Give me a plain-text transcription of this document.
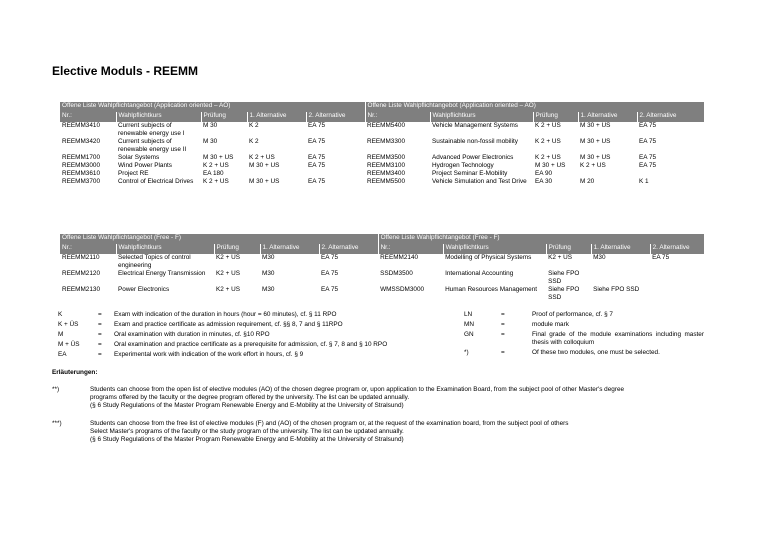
Elective Moduls - REEMM
Offene Liste Wahlpflichtangebot (Application oriented – AO)					Offene Liste Wahlpflichtangebot (Application oriented – AO)				
Nr.:	Wahlpflichtkurs	Prüfung	1. Alternative	2. Alternative	Nr.:	Wahlpflichtkurs	Prüfung	1. Alternative	2. Alternative
REEMM3410	Current subjects of renewable energy use I	M 30	K 2	EA 75	REEMM5400	Vehicle Management Systems	K 2 + US	M 30 + US	EA 75
REEMM3420	Current subjects of renewable energy use II	M 30	K 2	EA 75	REEMM3300	Sustainable non-fossil mobility	K 2 + US	M 30 + US	EA 75
REEMM1700	Solar Systems	M 30 + US	K 2 + US	EA 75	REEMM3500	Advanced Power Electronics	K 2 + US	M 30 + US	EA 75
REEMM3000	Wind Power Plants	K 2 + US	M 30 + US	EA 75	REEMM3100	Hydrogen Technology	M 30 + US	K 2 + US	EA 75
REEMM3610	Project RE	EA 180			REEMM3400	Project Seminar E-Mobility	EA 90		
REEMM3700	Control of Electrical Drives	K 2 + US	M 30 + US	EA 75	REEMM5500	Vehicle Simulation and Test Drive	EA 30	M 20	K 1
Offene Liste Wahlpflichtangebot (Free - F)					Offene Liste Wahlpflichtangebot (Free - F)				
Nr.:	Wahlpflichtkurs	Prüfung	1. Alternative	2. Alternative	Nr.:	Wahlpflichtkurs	Prüfung	1. Alternative	2. Alternative
REEMM2110	Selected Topics of control engineering	K2 + US	M30	EA 75	REEMM2140	Modelling of Physical Systems	K2 + US	M30	EA 75
REEMM2120	Electrical Energy Transmission	K2 + US	M30	EA 75	SSDM3500	International Accounting	Siehe FPO SSD		
REEMM2130	Power Electronics	K2 + US	M30	EA 75	WMSSDM3000	Human Resources Management	Siehe FPO SSD	Siehe FPO SSD	
K	=	Exam with indication of the duration in hours (hour = 60 minutes), cf. § 11 RPO
K + ÜS	=	Exam and practice certificate as admission requirement, cf. §§ 8, 7 and § 11RPO
M	=	Oral examination with duration in minutes, cf. §10 RPO
M + ÜS	=	Oral examination and practice certificate as a prerequisite for admission, cf. § 7, 8 and § 10 RPO
EA	=	Experimental work with indication of the work effort in hours, cf. § 9
LN	=	Proof of performance, cf. § 7
MN	=	module mark
GN	=	Final grade of the module examinations including master thesis with colloquium
*)	=	Of these two modules, one must be selected.
Erläuterungen:
**)	Students can choose from the open list of elective modules (AO) of the chosen degree program or, upon application to the Examination Board, from the subject pool of other Master's degree
programs offered by the faculty or the degree program offered by the university. The list can be updated annually.
(§ 6 Study Regulations of the Master Program Renewable Energy and E-Mobility at the University of Stralsund)
***)	Students can choose from the free list of elective modules (F) and (AO) of the chosen program or, at the request of the examination board, from the subject pool of others
Select Master's programs of the faculty or the study program of the university. The list can be updated annually.
(§ 6 Study Regulations of the Master Program Renewable Energy and E-Mobility at the University of Stralsund)
